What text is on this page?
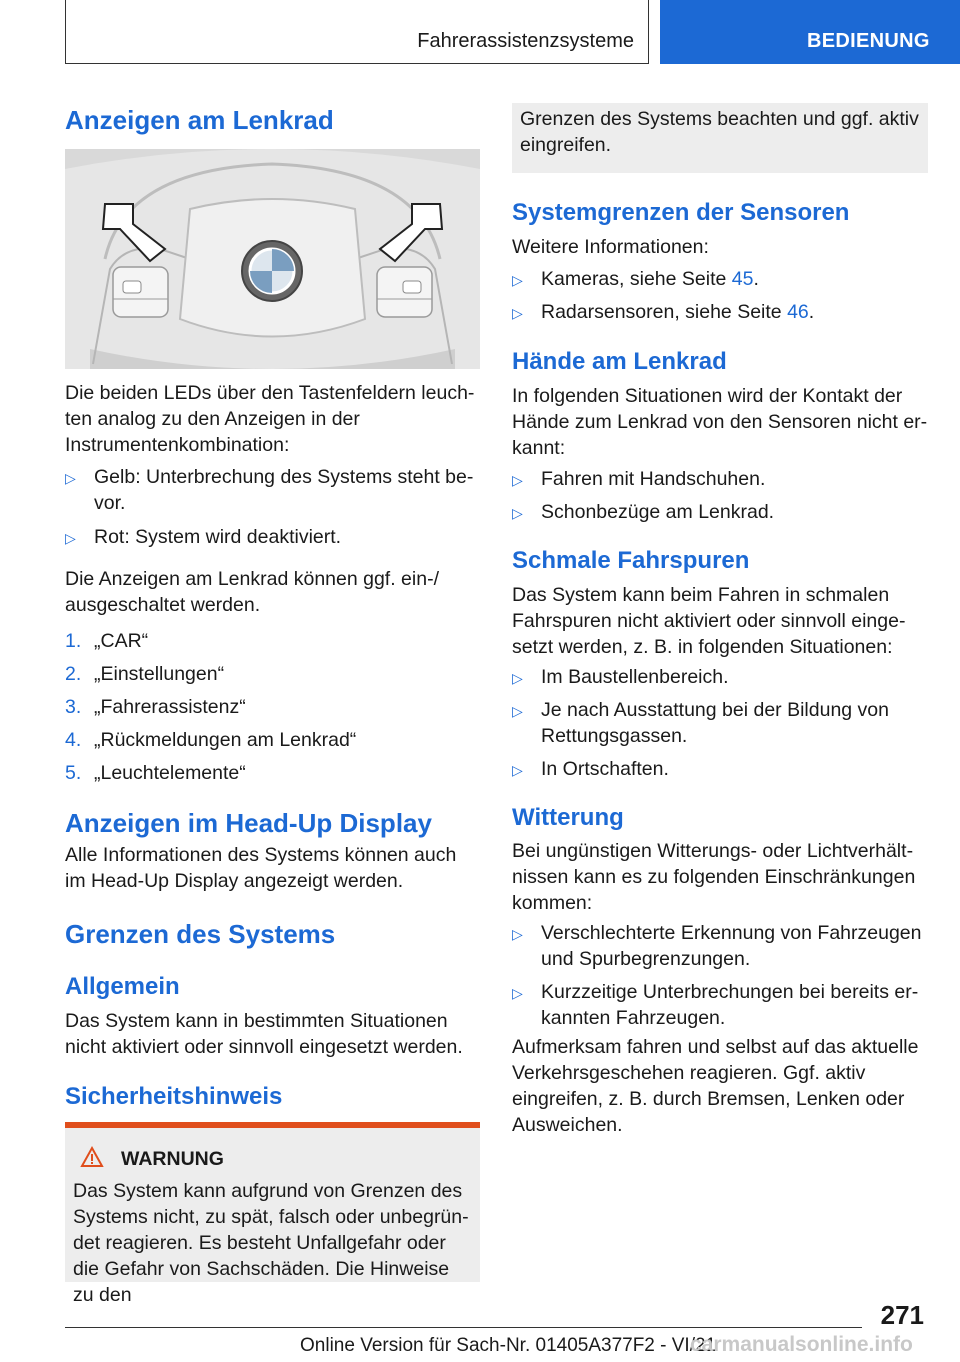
Fahrerassistenzsysteme	BEDIENUNG
Anzeigen am Lenkrad

Die beiden LEDs über den Tastenfeldern leuchten analog zu den Anzeigen in der Instrumentenkombination:

▷ Gelb: Unterbrechung des Systems steht bevor.
▷ Rot: System wird deaktiviert.

Die Anzeigen am Lenkrad können ggf. ein-/ ausgeschaltet werden.

1. „CAR“
2. „Einstellungen“
3. „Fahrerassistenz“
4. „Rückmeldungen am Lenkrad“
5. „Leuchtelemente“
Anzeigen im Head-Up Display

Alle Informationen des Systems können auch im Head-Up Display angezeigt werden.

Grenzen des Systems
Allgemein

Das System kann in bestimmten Situationen nicht aktiviert oder sinnvoll eingesetzt werden.

Sicherheitshinweis
WARNUNG

Das System kann aufgrund von Grenzen des Systems nicht, zu spät, falsch oder unbegründet reagieren. Es besteht Unfallgefahr oder die Gefahr von Sachschäden. Die Hinweise zu den

Grenzen des Systems beachten und ggf. aktiv eingreifen.

Systemgrenzen der Sensoren

Weitere Informationen:

▷ Kameras, siehe Seite 45.
▷ Radarsensoren, siehe Seite 46.
Hände am Lenkrad

In folgenden Situationen wird der Kontakt der Hände zum Lenkrad von den Sensoren nicht erkannt:

▷ Fahren mit Handschuhen.
▷ Schonbezüge am Lenkrad.
Schmale Fahrspuren

Das System kann beim Fahren in schmalen Fahrspuren nicht aktiviert oder sinnvoll eingesetzt werden, z. B. in folgenden Situationen:

▷ Im Baustellenbereich.
▷ Je nach Ausstattung bei der Bildung von Rettungsgassen.
▷ In Ortschaften.
Witterung

Bei ungünstigen Witterungs- oder Lichtverhältnissen kann es zu folgenden Einschränkungen kommen:

▷ Verschlechterte Erkennung von Fahrzeugen und Spurbegrenzungen.
▷ Kurzzeitige Unterbrechungen bei bereits erkannten Fahrzeugen.

Aufmerksam fahren und selbst auf das aktuelle Verkehrsgeschehen reagieren. Ggf. aktiv eingreifen, z. B. durch Bremsen, Lenken oder Ausweichen.

271
Online Version für Sach-Nr. 01405A377F2 - VI/21
carmanualsonline.info
